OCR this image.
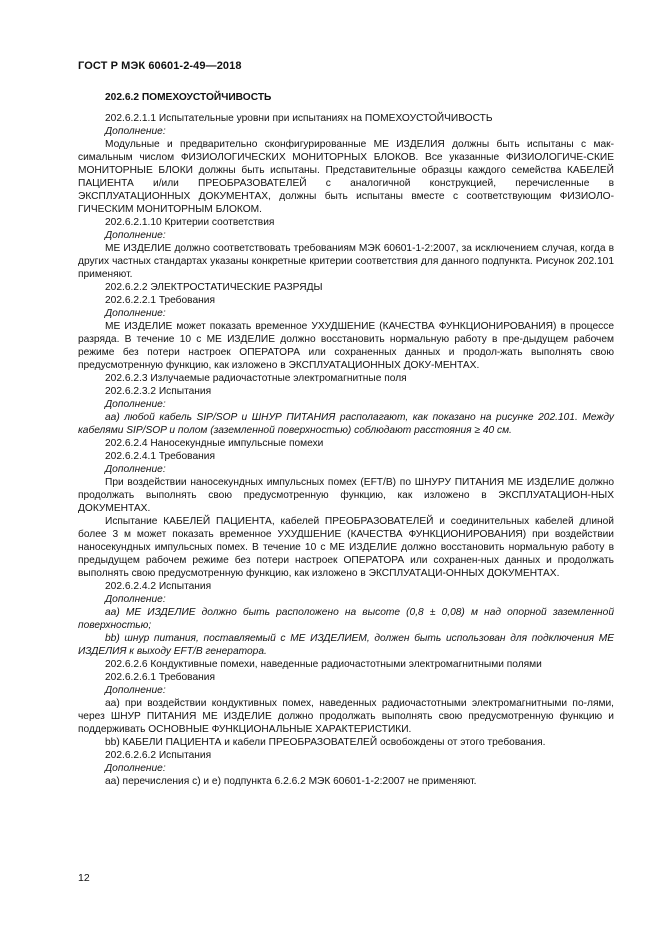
ГОСТ Р МЭК 60601-2-49—2018

202.6.2 ПОМЕХОУСТОЙЧИВОСТЬ

202.6.2.1.1 Испытательные уровни при испытаниях на ПОМЕХОУСТОЙЧИВОСТЬ

Дополнение:

Модульные и предварительно сконфигурированные МЕ ИЗДЕЛИЯ должны быть испытаны с мак-симальным числом ФИЗИОЛОГИЧЕСКИХ МОНИТОРНЫХ БЛОКОВ. Все указанные ФИЗИОЛОГИЧЕ-СКИЕ МОНИТОРНЫЕ БЛОКИ должны быть испытаны. Представительные образцы каждого семейства КАБЕЛЕЙ ПАЦИЕНТА и/или ПРЕОБРАЗОВАТЕЛЕЙ с аналогичной конструкцией, перечисленные в ЭКСПЛУАТАЦИОННЫХ ДОКУМЕНТАХ, должны быть испытаны вместе с соответствующим ФИЗИОЛО-ГИЧЕСКИМ МОНИТОРНЫМ БЛОКОМ.

202.6.2.1.10 Критерии соответствия

Дополнение:

МЕ ИЗДЕЛИЕ должно соответствовать требованиям МЭК 60601-1-2:2007, за исключением случая, когда в других частных стандартах указаны конкретные критерии соответствия для данного подпункта. Рисунок 202.101 применяют.

202.6.2.2 ЭЛЕКТРОСТАТИЧЕСКИЕ РАЗРЯДЫ

202.6.2.2.1 Требования

Дополнение:

МЕ ИЗДЕЛИЕ может показать временное УХУДШЕНИЕ (КАЧЕСТВА ФУНКЦИОНИРОВАНИЯ) в процессе разряда. В течение 10 с МЕ ИЗДЕЛИЕ должно восстановить нормальную работу в пре-дыдущем рабочем режиме без потери настроек ОПЕРАТОРА или сохраненных данных и продол-жать выполнять свою предусмотренную функцию, как изложено в ЭКСПЛУАТАЦИОННЫХ ДОКУ-МЕНТАХ.

202.6.2.3 Излучаемые радиочастотные электромагнитные поля

202.6.2.3.2 Испытания

Дополнение:

аа) любой кабель SIP/SOP и ШНУР ПИТАНИЯ располагают, как показано на рисунке 202.101. Между кабелями SIP/SOP и полом (заземленной поверхностью) соблюдают расстояния ≥ 40 см.

202.6.2.4 Наносекундные импульсные помехи

202.6.2.4.1 Требования

Дополнение:

При воздействии наносекундных импульсных помех (EFT/B) по ШНУРУ ПИТАНИЯ МЕ ИЗДЕЛИЕ должно продолжать выполнять свою предусмотренную функцию, как изложено в ЭКСПЛУАТАЦИОН-НЫХ ДОКУМЕНТАХ.

Испытание КАБЕЛЕЙ ПАЦИЕНТА, кабелей ПРЕОБРАЗОВАТЕЛЕЙ и соединительных кабелей длиной более 3 м может показать временное УХУДШЕНИЕ (КАЧЕСТВА ФУНКЦИОНИРОВАНИЯ) при воздействии наносекундных импульсных помех. В течение 10 с МЕ ИЗДЕЛИЕ должно восстановить нормальную работу в предыдущем рабочем режиме без потери настроек ОПЕРАТОРА или сохранен-ных данных и продолжать выполнять свою предусмотренную функцию, как изложено в ЭКСПЛУАТАЦИ-ОННЫХ ДОКУМЕНТАХ.

202.6.2.4.2 Испытания

Дополнение:

аа) МЕ ИЗДЕЛИЕ должно быть расположено на высоте (0,8 ± 0,08) м над опорной заземленной поверхностью;

bb) шнур питания, поставляемый с МЕ ИЗДЕЛИЕМ, должен быть использован для подключения МЕ ИЗДЕЛИЯ к выходу EFT/B генератора.

202.6.2.6 Кондуктивные помехи, наведенные радиочастотными электромагнитными полями

202.6.2.6.1 Требования

Дополнение:

аа) при воздействии кондуктивных помех, наведенных радиочастотными электромагнитными по-лями, через ШНУР ПИТАНИЯ МЕ ИЗДЕЛИЕ должно продолжать выполнять свою предусмотренную функцию и поддерживать ОСНОВНЫЕ ФУНКЦИОНАЛЬНЫЕ ХАРАКТЕРИСТИКИ.

bb) КАБЕЛИ ПАЦИЕНТА и кабели ПРЕОБРАЗОВАТЕЛЕЙ освобождены от этого требования.

202.6.2.6.2 Испытания

Дополнение:

аа) перечисления с) и е) подпункта 6.2.6.2 МЭК 60601-1-2:2007 не применяют.

12
